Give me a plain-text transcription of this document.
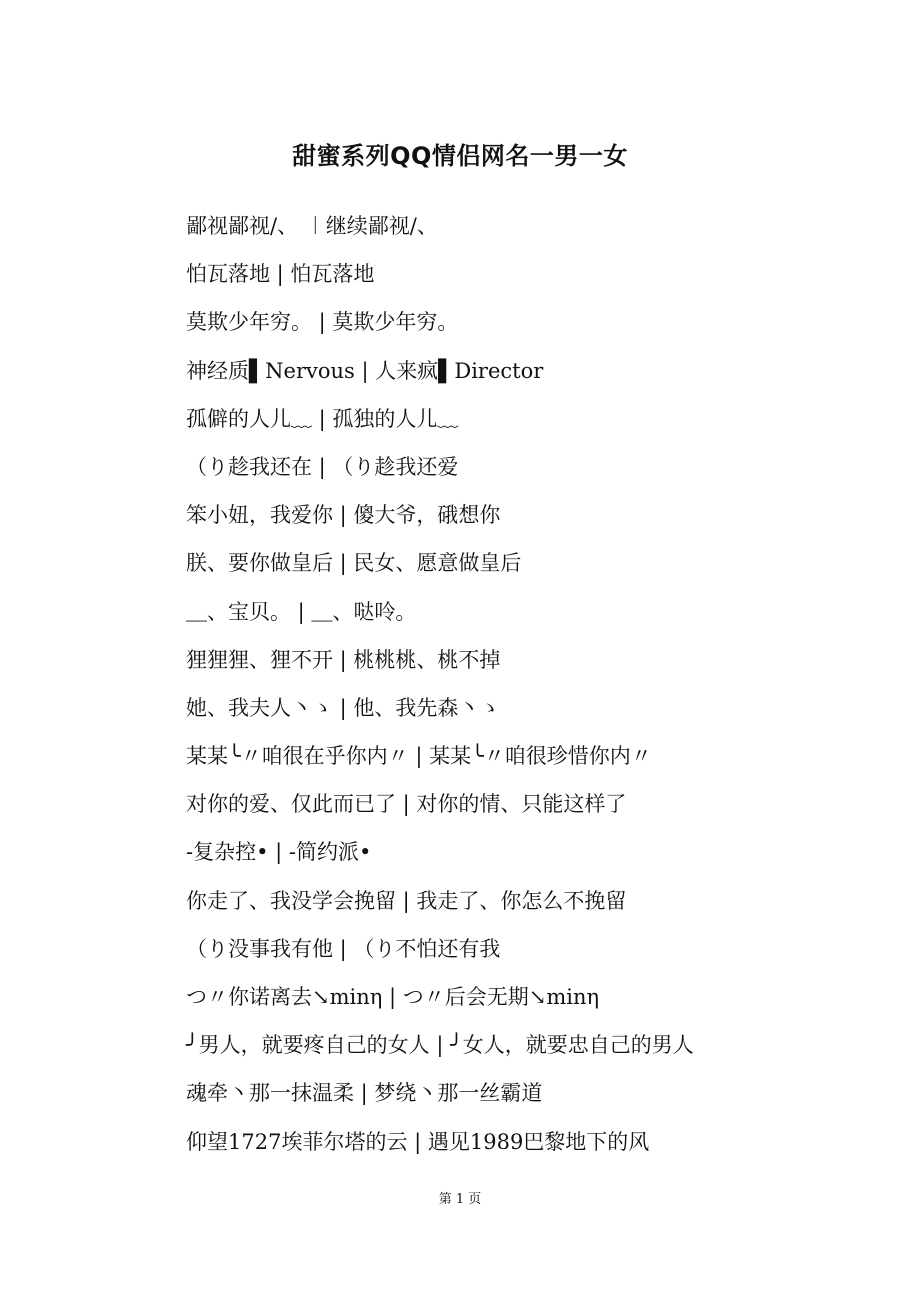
甜蜜系列QQ情侣网名一男一女
鄙视鄙视/、 ︱继续鄙视/、
怕瓦落地 | 怕瓦落地
莫欺少年穷。 | 莫欺少年穷。
神经质▌Nervous | 人来疯▌Director
孤僻的人儿﹏ | 孤独的人儿﹏
（り趁我还在 | （り趁我还爱
笨小妞，我爱你 | 傻大爷，硪想你
朕、要你做皇后 | 民女、愿意做皇后
＿、宝贝。 | ＿、哒呤。
狸狸狸、狸不开 | 桃桃桃、桃不掉
她、我夫人丶ゝ | 他、我先森丶ゝ
某某╰〃咱很在乎你内〃 | 某某╰〃咱很珍惜你内〃
对你的爱、仅此而已了 | 对你的情、只能这样了
-复杂控• | -简约派•
你走了、我没学会挽留 | 我走了、你怎么不挽留
（り没事我有他 | （り不怕还有我
つ〃你诺离去↘minη | つ〃后会无期↘minη
╯男人，就要疼自己的女人 | ╯女人，就要忠自己的男人
魂牵丶那一抹温柔 | 梦绕丶那一丝霸道
仰望1727埃菲尔塔的云 | 遇见1989巴黎地下的风
第 1 页
